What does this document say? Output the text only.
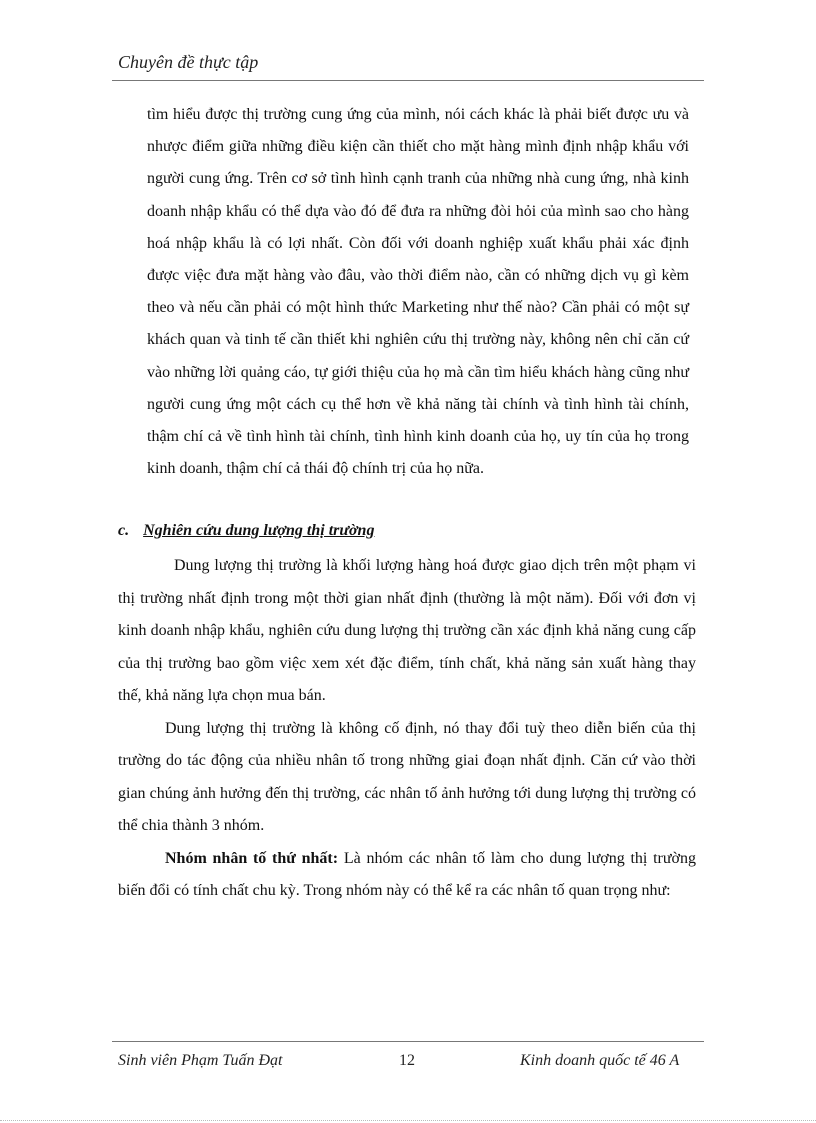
Chuyên đề thực tập
tìm hiểu được thị trường cung ứng của mình, nói cách khác là phải biết được ưu và nhược điểm giữa những điều kiện cần thiết cho mặt hàng mình định nhập khẩu với người cung ứng. Trên cơ sở tình hình cạnh tranh của những nhà cung ứng, nhà kinh doanh nhập khẩu có thể dựa vào đó để đưa ra những đòi hỏi của mình sao cho hàng hoá nhập khẩu là có lợi nhất. Còn đối với doanh nghiệp xuất khẩu phải xác định được việc đưa mặt hàng vào đâu, vào thời điểm nào, cần có những dịch vụ gì kèm theo và nếu cần phải có một hình thức Marketing như thế nào? Cần phải có một sự khách quan và tinh tế cần thiết khi nghiên cứu thị trường này, không nên chỉ căn cứ vào những lời quảng cáo, tự giới thiệu của họ mà cần tìm hiểu khách hàng cũng như người cung ứng một cách cụ thể hơn về khả năng tài chính và tình hình tài chính, thậm chí cả về tình hình tài chính, tình hình kinh doanh của họ, uy tín của họ trong kinh doanh, thậm chí cả thái độ chính trị của họ nữa.
c. Nghiên cứu dung lượng thị trường

Dung lượng thị trường là khối lượng hàng hoá được giao dịch trên một phạm vi thị trường nhất định trong một thời gian nhất định (thường là một năm). Đối với đơn vị kinh doanh nhập khẩu, nghiên cứu dung lượng thị trường cần xác định khả năng cung cấp của thị trường bao gồm việc xem xét đặc điểm, tính chất, khả năng sản xuất hàng thay thế, khả năng lựa chọn mua bán.

Dung lượng thị trường là không cố định, nó thay đổi tuỳ theo diễn biến của thị trường do tác động của nhiều nhân tố trong những giai đoạn nhất định. Căn cứ vào thời gian chúng ảnh hưởng đến thị trường, các nhân tố ảnh hưởng tới dung lượng thị trường có thể chia thành 3 nhóm.

Nhóm nhân tố thứ nhất: Là nhóm các nhân tố làm cho dung lượng thị trường biến đổi có tính chất chu kỳ. Trong nhóm này có thể kể ra các nhân tố quan trọng như:

Sinh viên Phạm Tuấn Đạt	12	Kinh doanh quốc tế 46 A
